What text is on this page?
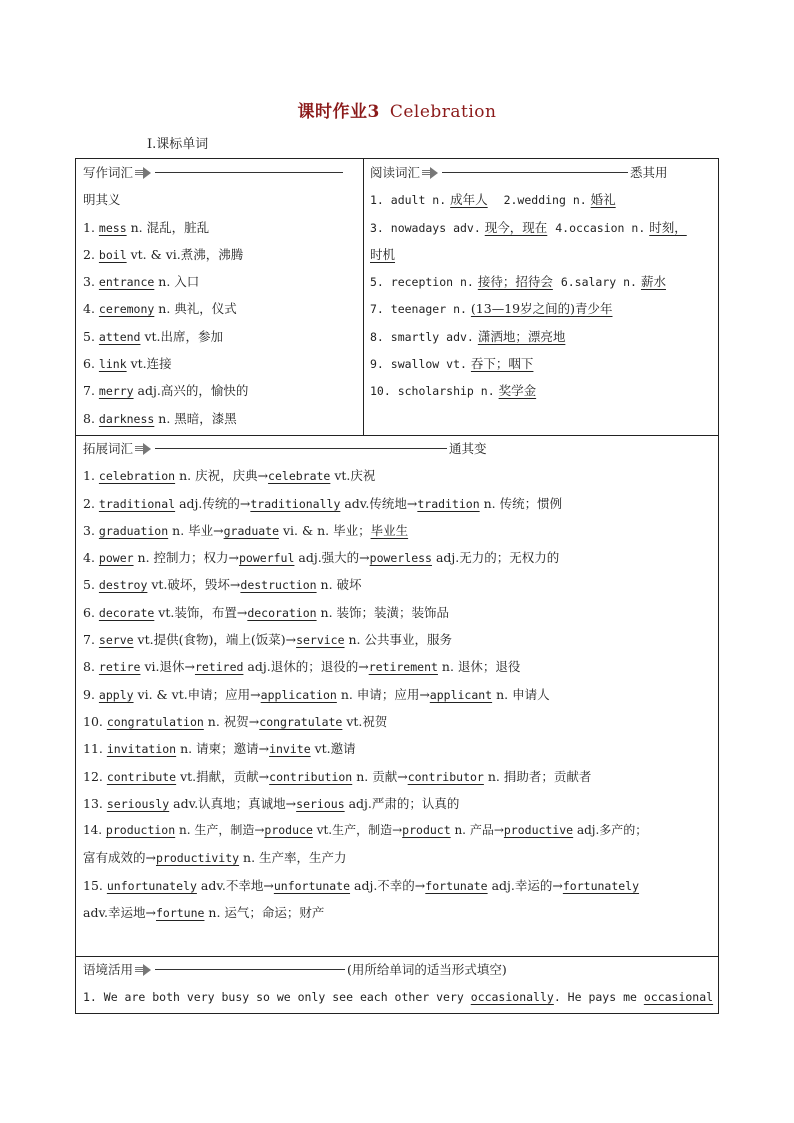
课时作业3 Celebration
Ⅰ.课标单词
写作词汇
明其义
1. mess n. 混乱，脏乱
2. boil vt. & vi.煮沸，沸腾
3. entrance n. 入口
4. ceremony n. 典礼，仪式
5. attend vt.出席，参加
6. link vt.连接
7. merry adj.高兴的，愉快的
8. darkness n. 黑暗，漆黑
阅读词汇	悉其用
1. adult n. 成年人 2.wedding n. 婚礼
3. nowadays adv. 现今，现在 4.occasion n. 时刻，
时机
5. reception n. 接待；招待会 6.salary n. 薪水
7. teenager n. (13—19岁之间的)青少年
8. smartly adv. 潇洒地；漂亮地
9. swallow vt. 吞下；咽下
10. scholarship n. 奖学金
拓展词汇	通其变
1. celebration n. 庆祝，庆典→celebrate vt.庆祝
2. traditional adj.传统的→traditionally adv.传统地→tradition n. 传统；惯例
3. graduation n. 毕业→graduate vi. & n. 毕业；毕业生
4. power n. 控制力；权力→powerful adj.强大的→powerless adj.无力的；无权力的
5. destroy vt.破坏，毁坏→destruction n. 破坏
6. decorate vt.装饰，布置→decoration n. 装饰；装潢；装饰品
7. serve vt.提供(食物)，端上(饭菜)→service n. 公共事业，服务
8. retire vi.退休→retired adj.退休的；退役的→retirement n. 退休；退役
9. apply vi. & vt.申请；应用→application n. 申请；应用→applicant n. 申请人
10. congratulation n. 祝贺→congratulate vt.祝贺
11. invitation n. 请柬；邀请→invite vt.邀请
12. contribute vt.捐献，贡献→contribution n. 贡献→contributor n. 捐助者；贡献者
13. seriously adv.认真地；真诚地→serious adj.严肃的；认真的
14. production n. 生产，制造→produce vt.生产，制造→product n. 产品→productive adj.多产的；
富有成效的→productivity n. 生产率，生产力
15. unfortunately adv.不幸地→unfortunate adj.不幸的→fortunate adj.幸运的→fortunately
adv.幸运地→fortune n. 运气；命运；财产
语境活用	(用所给单词的适当形式填空)
1. We are both very busy so we only see each other very occasionally. He pays me occasional
